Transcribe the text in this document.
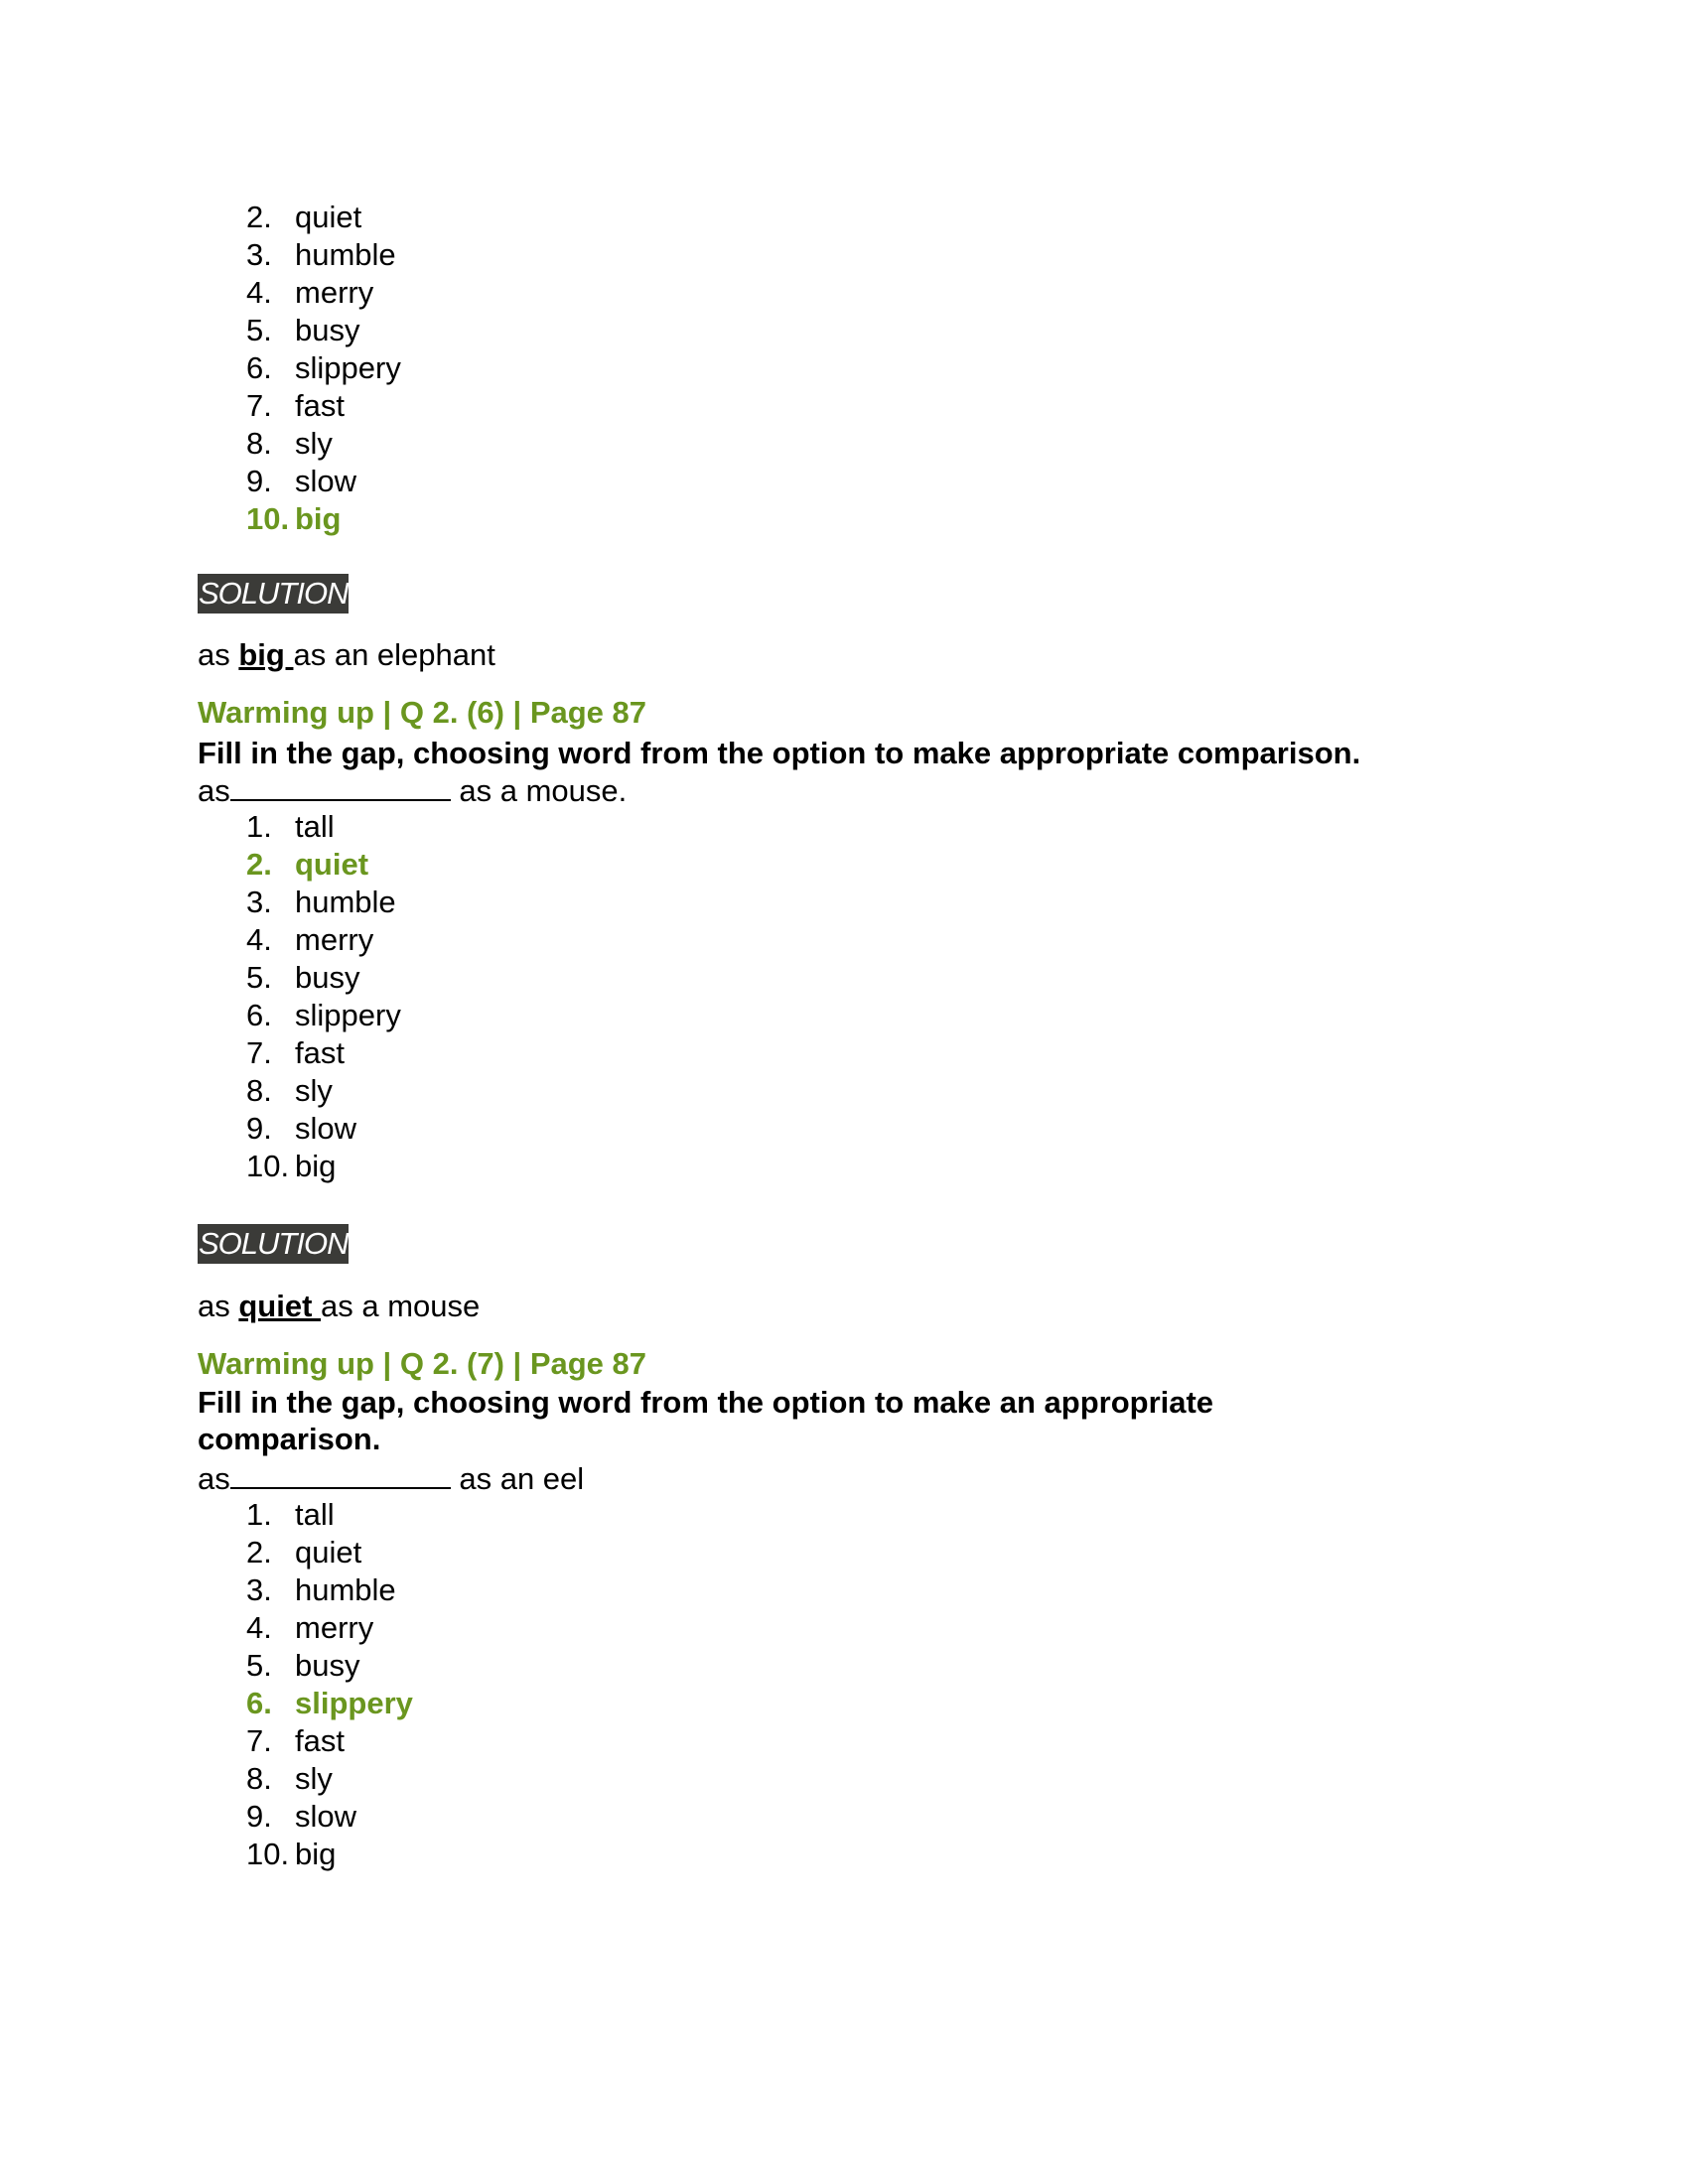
2. quiet
3. humble
4. merry
5. busy
6. slippery
7. fast
8. sly
9. slow
10. big
SOLUTION
as big as an elephant
Warming up | Q 2. (6) | Page 87
Fill in the gap, choosing word from the option to make appropriate comparison.
as	as a mouse.
1. tall
2. quiet
3. humble
4. merry
5. busy
6. slippery
7. fast
8. sly
9. slow
10. big
SOLUTION
as quiet as a mouse
Warming up | Q 2. (7) | Page 87
Fill in the gap, choosing word from the option to make an appropriate comparison.
as	as an eel
1. tall
2. quiet
3. humble
4. merry
5. busy
6. slippery
7. fast
8. sly
9. slow
10. big
